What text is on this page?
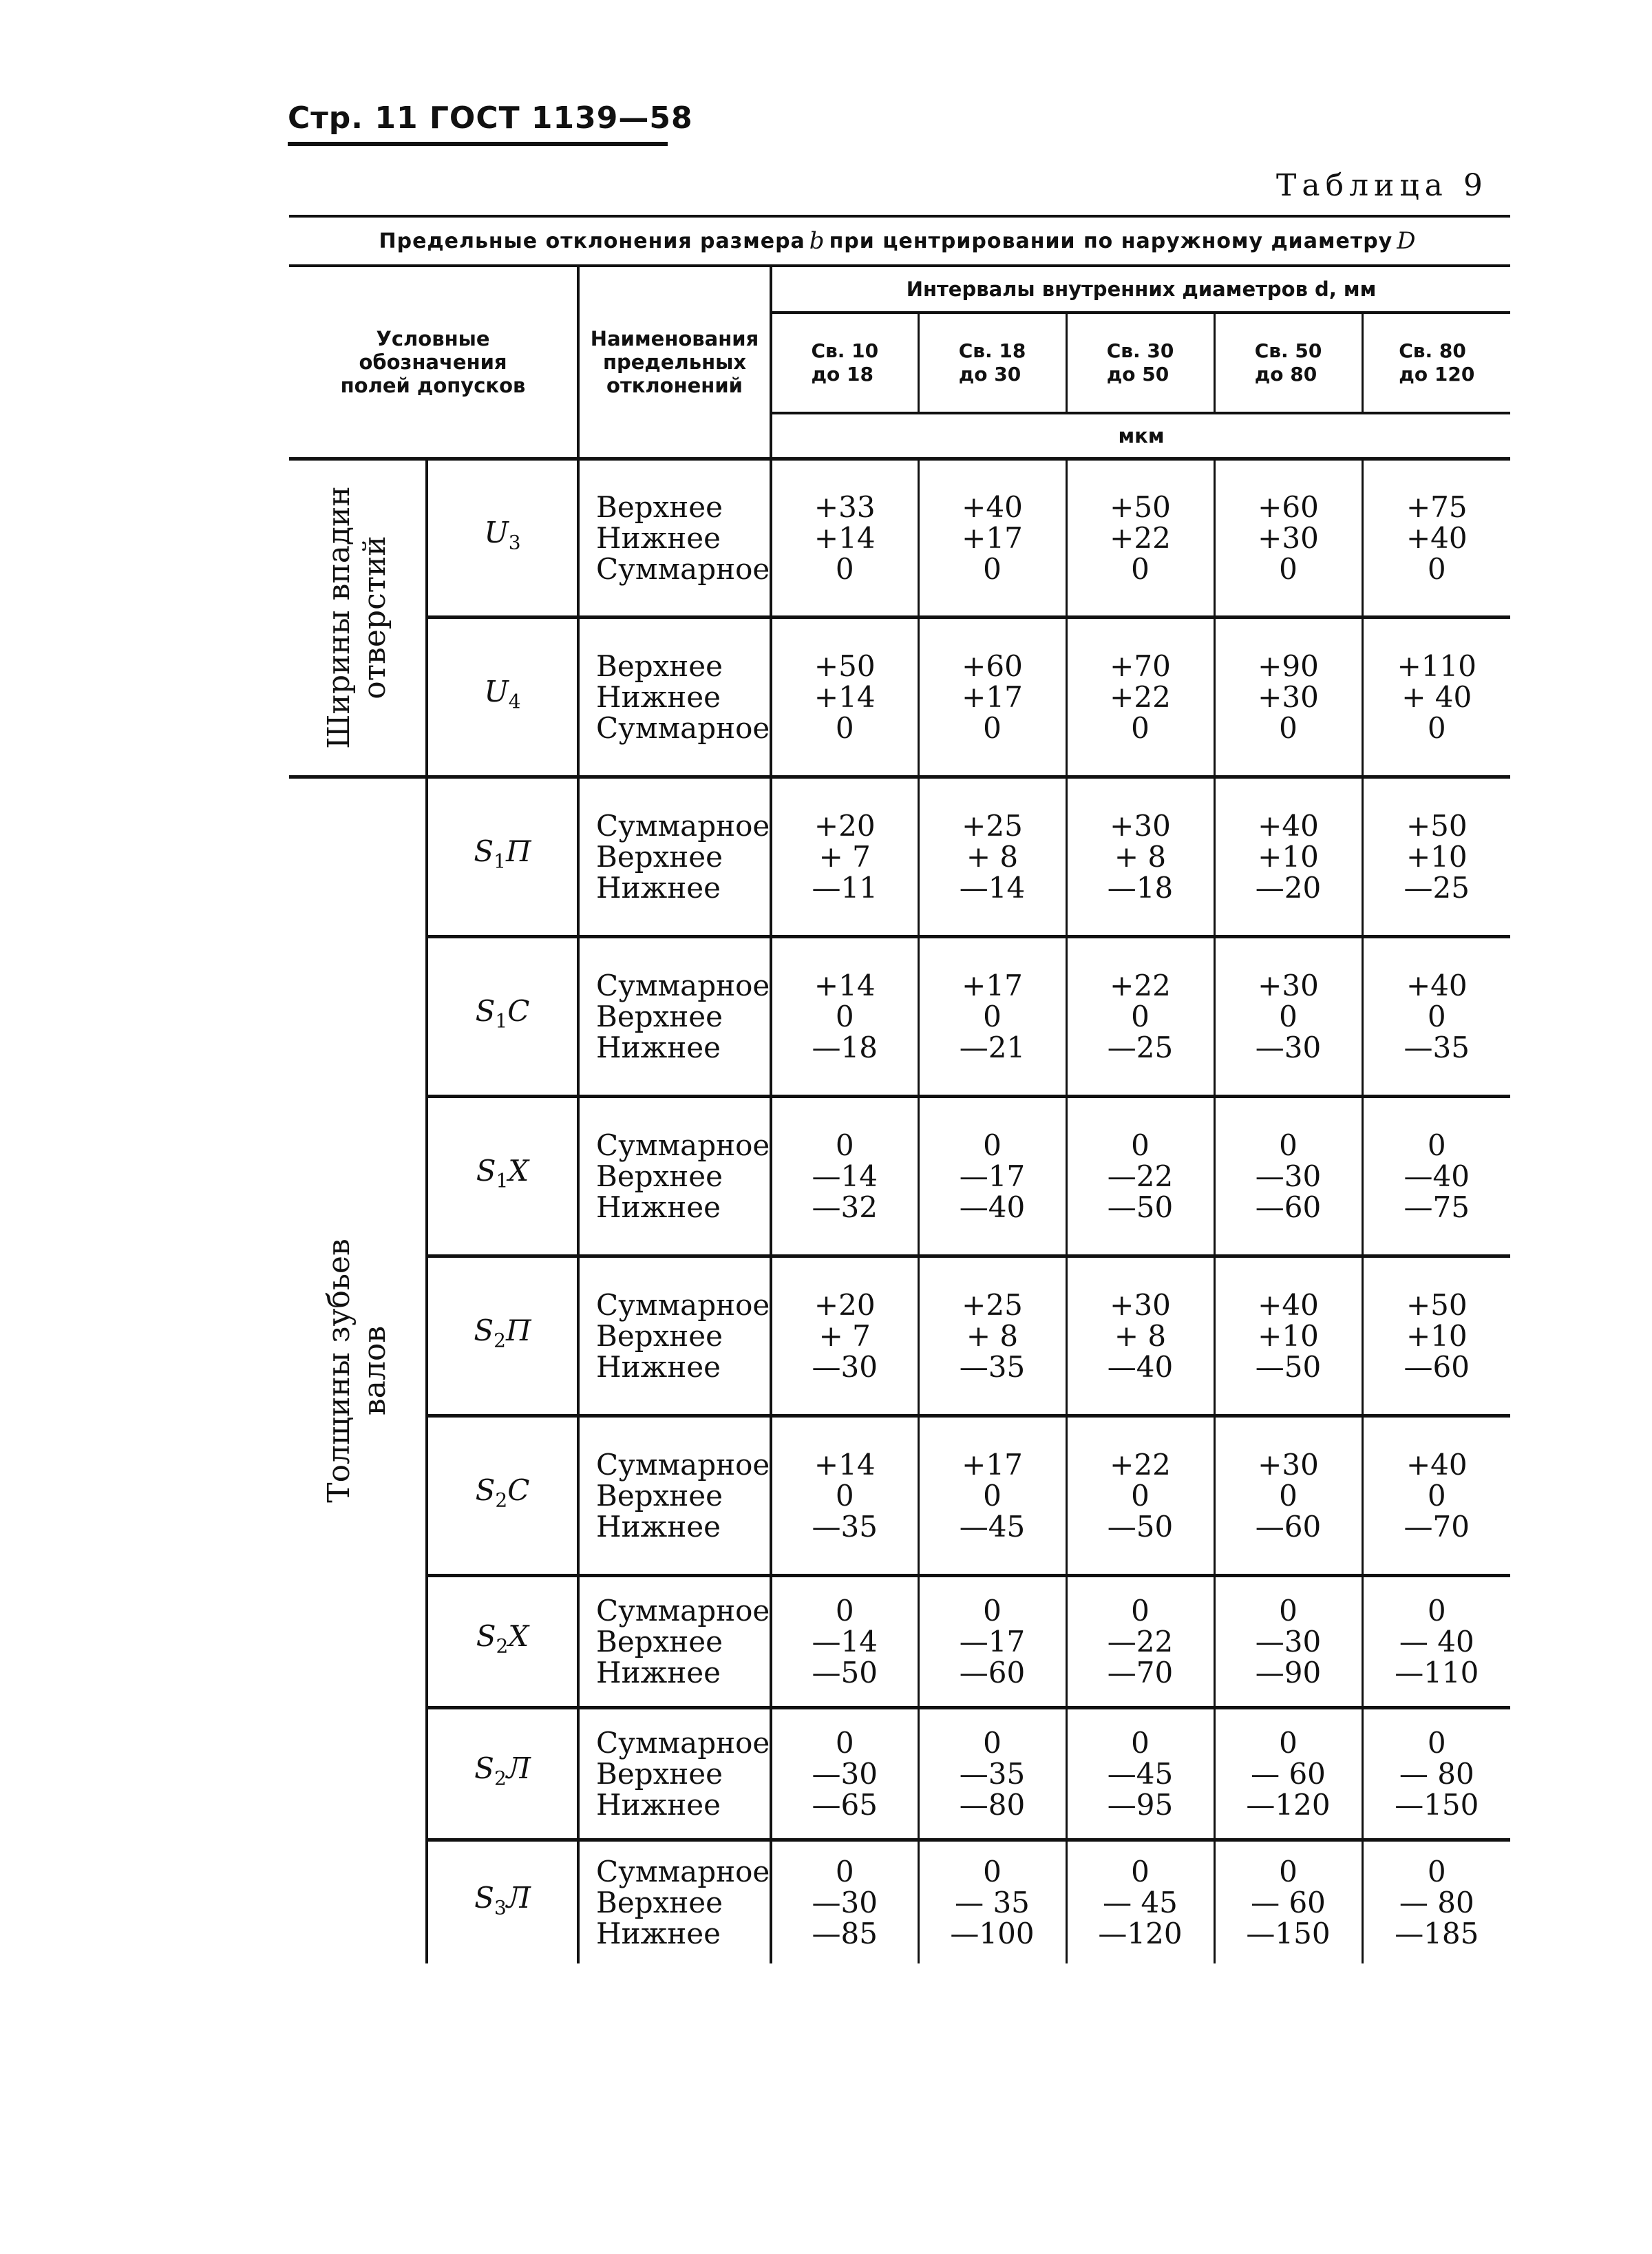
Стр. 11 ГОСТ 1139—58
Таблица 9
Предельные отклонения размера b при центрировании по наружному диаметру D
Условные
обозначения
полей допусков		Наименования
предельных
отклонений	Интервалы внутренних диаметров d, мм				

			Св. 10
до 18	Св. 18
до 30	Св. 30
до 50	Св. 50
до 80	Св. 80
до 120

			мкм				

Ширины впадин отверстий	$U_3$	Верхнее
Нижнее
Суммарное	+33
+14
0	+40
+17
0	+50
+22
0	+60
+30
0	+75
+40
0

	$U_4$	Верхнее
Нижнее
Суммарное	+50
+14
0	+60
+17
0	+70
+22
0	+90
+30
0	+110
+ 40
0

Толщины зубьев валов	$S_1П$	Суммарное
Верхнее
Нижнее	+20
+ 7
—11	+25
+ 8
—14	+30
+ 8
—18	+40
+10
—20	+50
+10
—25

	$S_1C$	Суммарное
Верхнее
Нижнее	+14
0
—18	+17
0
—21	+22
0
—25	+30
0
—30	+40
0
—35

	$S_1X$	Суммарное
Верхнее
Нижнее	0
—14
—32	0
—17
—40	0
—22
—50	0
—30
—60	0
—40
—75

	$S_2П$	Суммарное
Верхнее
Нижнее	+20
+ 7
—30	+25
+ 8
—35	+30
+ 8
—40	+40
+10
—50	+50
+10
—60

	$S_2C$	Суммарное
Верхнее
Нижнее	+14
0
—35	+17
0
—45	+22
0
—50	+30
0
—60	+40
0
—70

	$S_2X$	Суммарное
Верхнее
Нижнее	0
—14
—50	0
—17
—60	0
—22
—70	0
—30
—90	0
— 40
—110

	$S_2Л$	Суммарное
Верхнее
Нижнее	0
—30
—65	0
—35
—80	0
—45
—95	0
— 60
—120	0
— 80
—150

	$S_3Л$	Суммарное
Верхнее
Нижнее	0
—30
—85	0
— 35
—100	0
— 45
—120	0
— 60
—150	0
— 80
—185
